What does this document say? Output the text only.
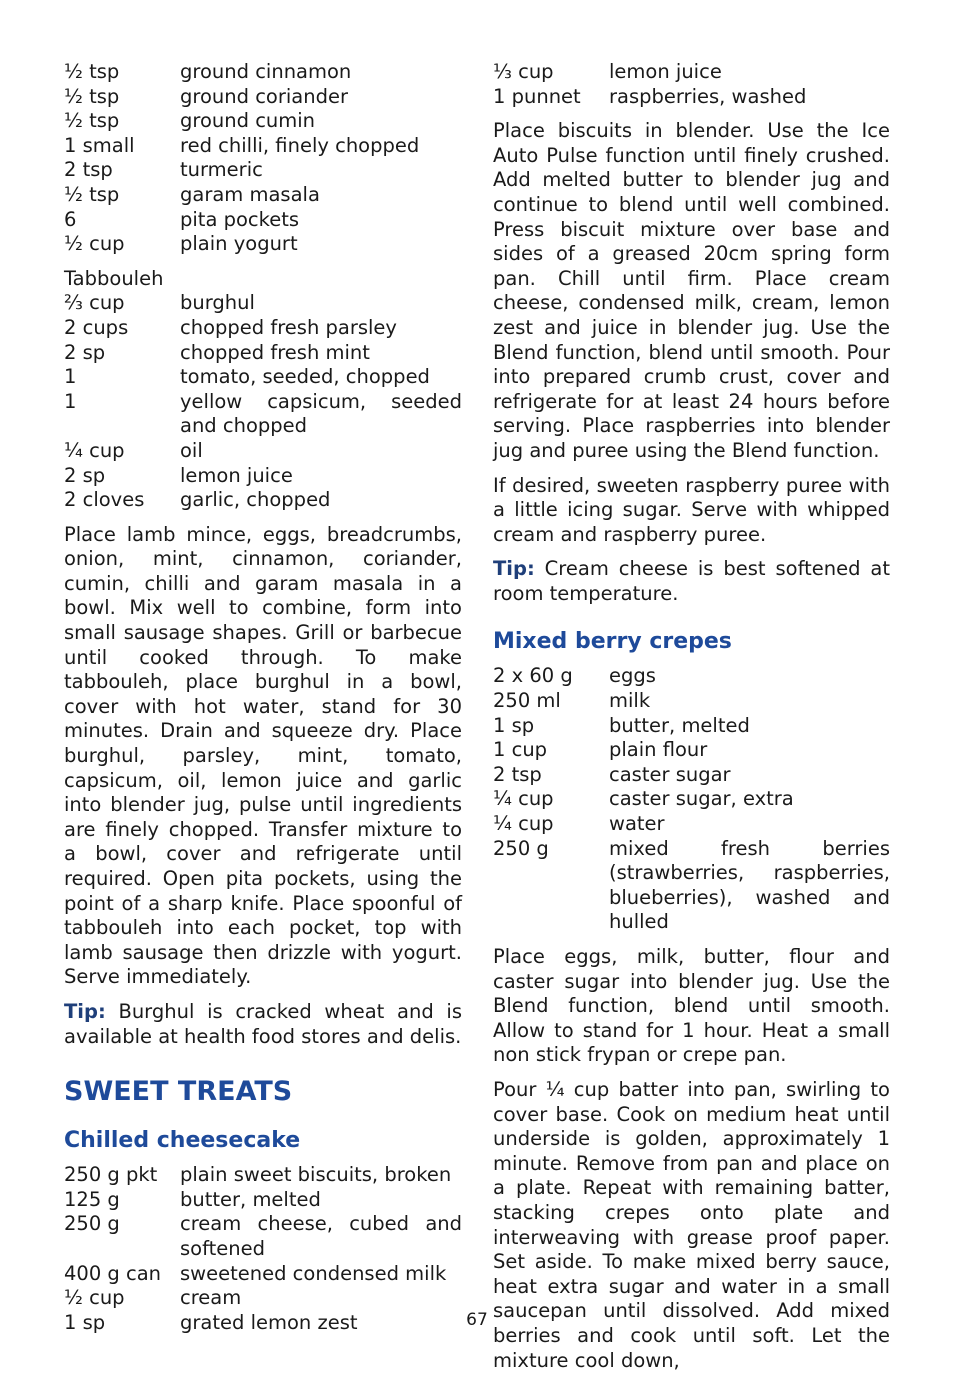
½ tsp	ground cinnamon
½ tsp	ground coriander
½ tsp	ground cumin
1 small	red chilli, finely chopped
2 tsp	turmeric
½ tsp	garam masala
6	pita pockets
½ cup	plain yogurt
Tabbouleh
⅔ cup	burghul
2 cups	chopped fresh parsley
2 sp	chopped fresh mint
1	tomato, seeded, chopped
1	yellow capsicum, seeded and chopped
¼ cup	oil
2 sp	lemon juice
2 cloves	garlic, chopped

Place lamb mince, eggs, breadcrumbs, onion, mint, cinnamon, coriander, cumin, chilli and garam masala in a bowl. Mix well to combine, form into small sausage shapes. Grill or barbecue until cooked through. To make tabbouleh, place burghul in a bowl, cover with hot water, stand for 30 minutes. Drain and squeeze dry. Place burghul, parsley, mint, tomato, capsicum, oil, lemon juice and garlic into blender jug, pulse until ingredients are finely chopped. Transfer mixture to a bowl, cover and refrigerate until required. Open pita pockets, using the point of a sharp knife. Place spoonful of tabbouleh into each pocket, top with lamb sausage then drizzle with yogurt. Serve immediately.

Tip: Burghul is cracked wheat and is available at health food stores and delis.

SWEET TREATS
Chilled cheesecake
250 g pkt	plain sweet biscuits, broken
125 g	butter, melted
250 g	cream cheese, cubed and softened
400 g can sweetened condensed milk
½ cup	cream
1 sp	grated lemon zest
⅓ cup	lemon juice
1 punnet	raspberries, washed

Place biscuits in blender. Use the Ice Auto Pulse function until finely crushed. Add melted butter to blender jug and continue to blend until well combined. Press biscuit mixture over base and sides of a greased 20cm spring form pan. Chill until firm. Place cream cheese, condensed milk, cream, lemon zest and juice in blender jug. Use the Blend function, blend until smooth. Pour into prepared crumb crust, cover and refrigerate for at least 24 hours before serving. Place raspberries into blender jug and puree using the Blend function.

If desired, sweeten raspberry puree with a little icing sugar. Serve with whipped cream and raspberry puree.

Tip: Cream cheese is best softened at room temperature.

Mixed berry crepes
2 x 60 g	eggs
250 ml	milk
1 sp	butter, melted
1 cup	plain flour
2 tsp	caster sugar
¼ cup	caster sugar, extra
¼ cup	water
250 g	mixed fresh berries (strawberries, raspberries, blueberries), washed and hulled

Place eggs, milk, butter, flour and caster sugar into blender jug. Use the Blend function, blend until smooth. Allow to stand for 1 hour. Heat a small non stick frypan or crepe pan.

Pour ¼ cup batter into pan, swirling to cover base. Cook on medium heat until underside is golden, approximately 1 minute. Remove from pan and place on a plate. Repeat with remaining batter, stacking crepes onto plate and interweaving with grease proof paper. Set aside. To make mixed berry sauce, heat extra sugar and water in a small saucepan until dissolved. Add mixed berries and cook until soft. Let the mixture cool down,

67
